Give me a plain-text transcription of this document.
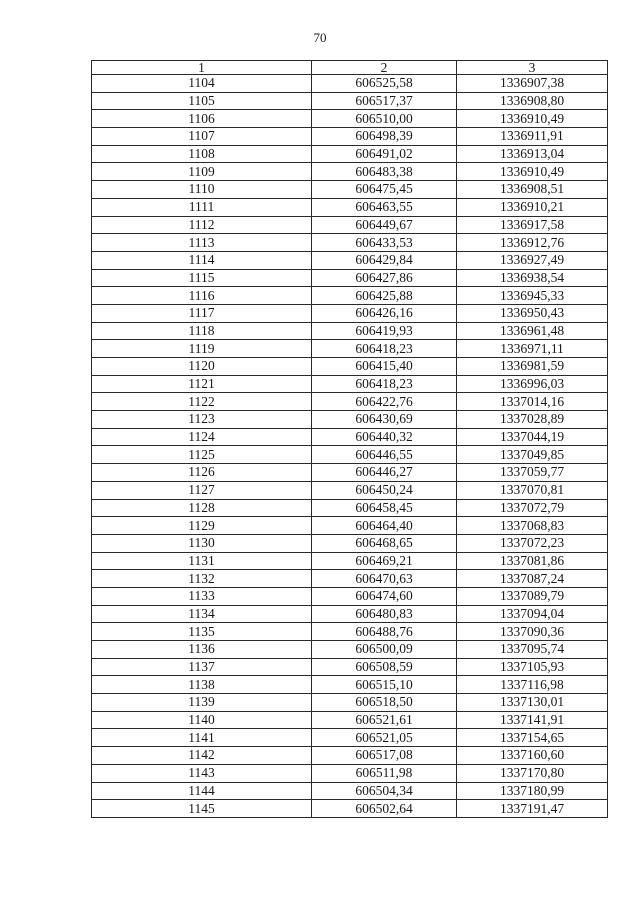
70
1	2	3
1104	606525,58	1336907,38
1105	606517,37	1336908,80
1106	606510,00	1336910,49
1107	606498,39	1336911,91
1108	606491,02	1336913,04
1109	606483,38	1336910,49
1110	606475,45	1336908,51
1111	606463,55	1336910,21
1112	606449,67	1336917,58
1113	606433,53	1336912,76
1114	606429,84	1336927,49
1115	606427,86	1336938,54
1116	606425,88	1336945,33
1117	606426,16	1336950,43
1118	606419,93	1336961,48
1119	606418,23	1336971,11
1120	606415,40	1336981,59
1121	606418,23	1336996,03
1122	606422,76	1337014,16
1123	606430,69	1337028,89
1124	606440,32	1337044,19
1125	606446,55	1337049,85
1126	606446,27	1337059,77
1127	606450,24	1337070,81
1128	606458,45	1337072,79
1129	606464,40	1337068,83
1130	606468,65	1337072,23
1131	606469,21	1337081,86
1132	606470,63	1337087,24
1133	606474,60	1337089,79
1134	606480,83	1337094,04
1135	606488,76	1337090,36
1136	606500,09	1337095,74
1137	606508,59	1337105,93
1138	606515,10	1337116,98
1139	606518,50	1337130,01
1140	606521,61	1337141,91
1141	606521,05	1337154,65
1142	606517,08	1337160,60
1143	606511,98	1337170,80
1144	606504,34	1337180,99
1145	606502,64	1337191,47
